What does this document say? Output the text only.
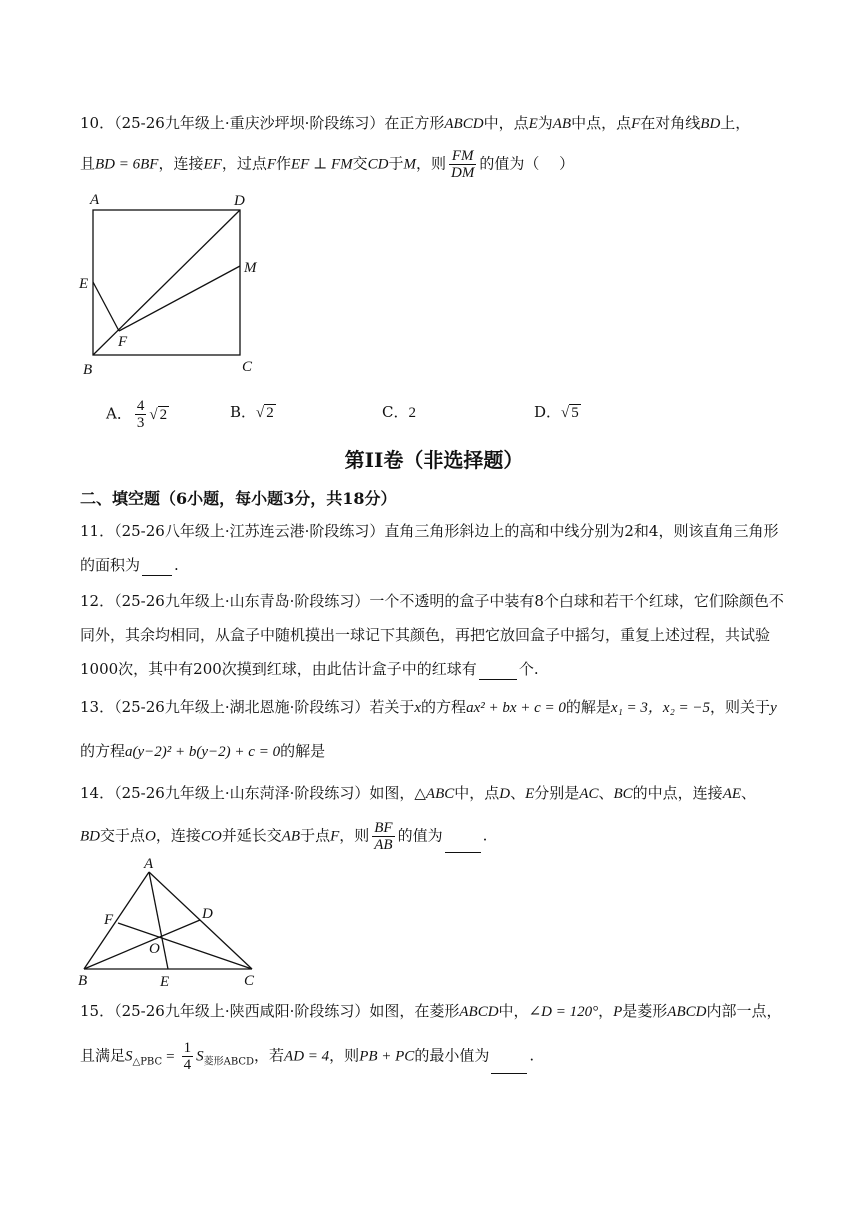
10．（25-26九年级上·重庆沙坪坝·阶段练习）在正方形ABCD中，点E为AB中点，点F在对角线BD上，
且BD = 6BF，连接EF，过点F作EF ⊥ FM交CD于M，则 $\frac{FM}{DM}$ 的值为（　 ）
A	D
E
M
F
B	C
A． $\frac{4}{3}$ √ 2	B．√ 2	C．2	D．√ 5
第II卷（非选择题）
二、填空题（6小题，每小题3分，共18分）
11．（25-26八年级上·江苏连云港·阶段练习）直角三角形斜边上的高和中线分别为2和4，则该直角三角形
的面积为 .
12．（25-26九年级上·山东青岛·阶段练习）一个不透明的盒子中装有8个白球和若干个红球，它们除颜色不
同外，其余均相同，从盒子中随机摸出一球记下其颜色，再把它放回盒子中摇匀，重复上述过程，共试验
1000次，其中有200次摸到红球，由此估计盒子中的红球有	个.
13．（25-26九年级上·湖北恩施·阶段练习）若关于x的方程ax² + bx + c = 0的解是x₁ = 3，x₂ = −5，则关于y
的方程a(y−2)² + b(y−2) + c = 0的解是
14．（25-26九年级上·山东菏泽·阶段练习）如图，△ABC中，点D、E分别是AC、BC的中点，连接AE、
BD交于点O，连接CO并延长交AB于点F，则 $\frac{BF}{AB}$ 的值为	.
A
F	D
O
B	E	C
15．（25-26九年级上·陕西咸阳·阶段练习）如图，在菱形ABCD中，∠D = 120°，P是菱形ABCD内部一点，
且满足$S_{\triangle PBC} = \frac{1}{4} S_{菱形ABCD}$，若AD = 4，则PB + PC的最小值为	.
